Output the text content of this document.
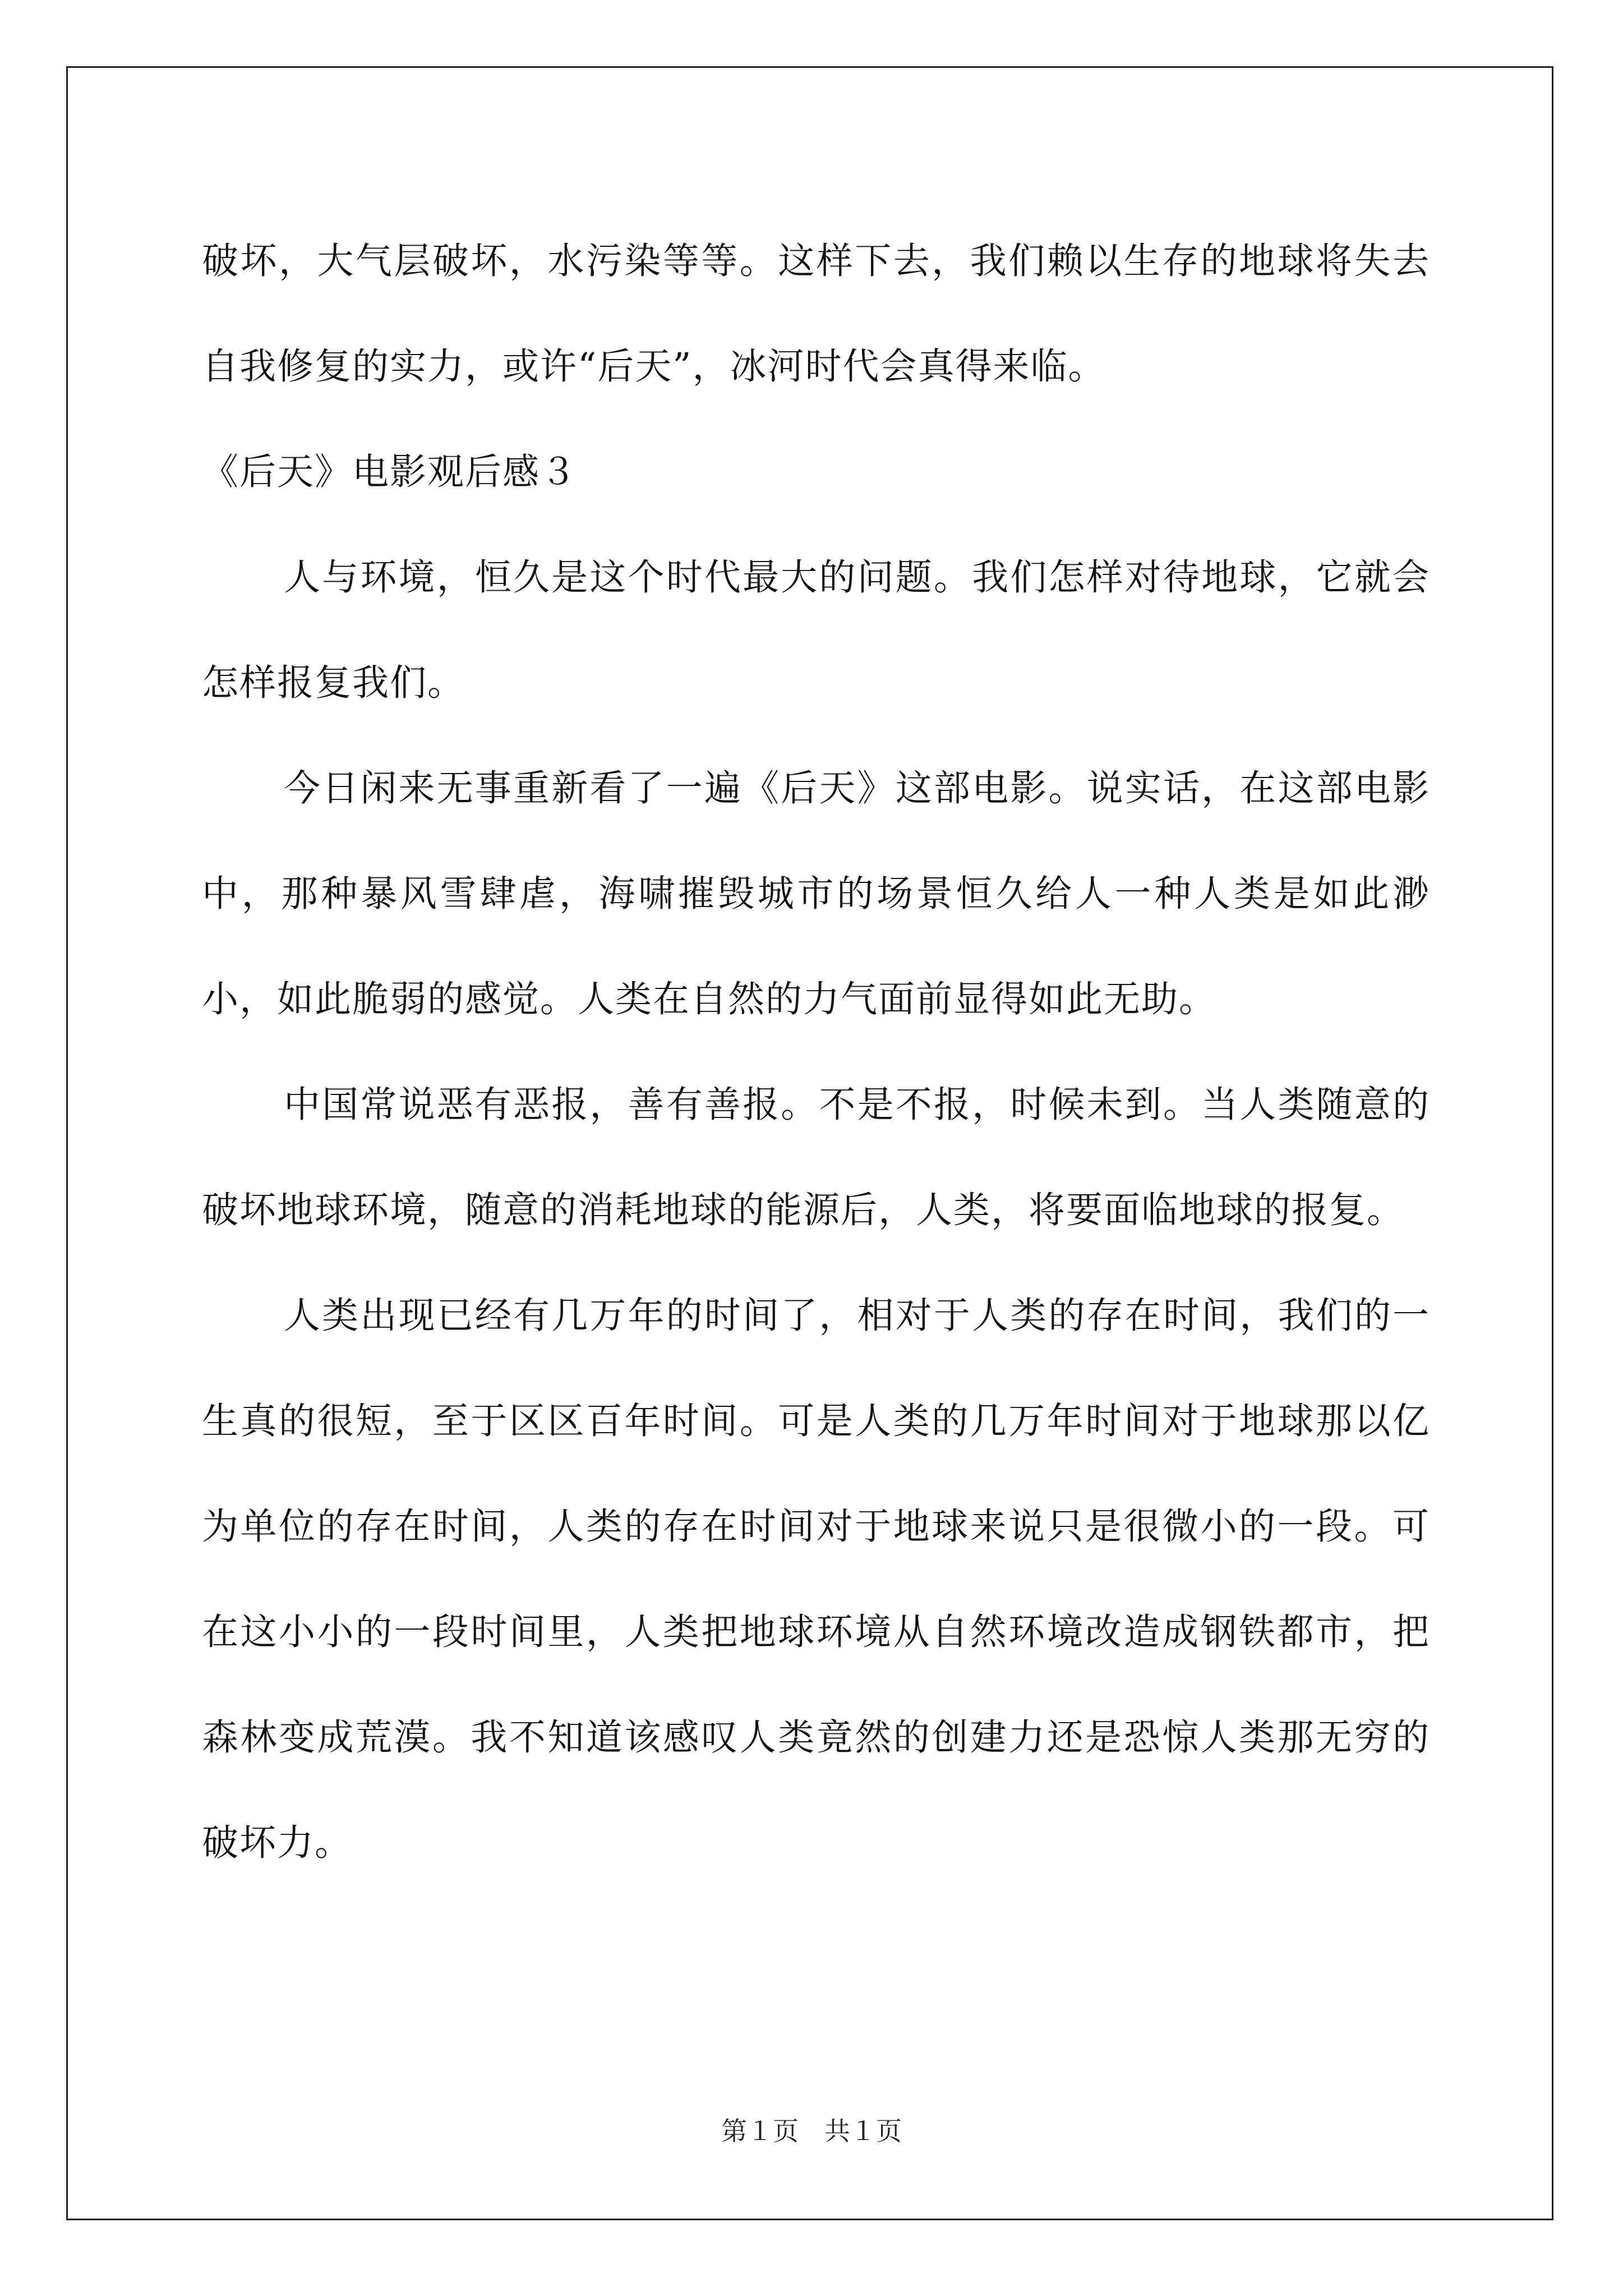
破坏，大气层破坏，水污染等等。这样下去，我们赖以生存的地球将失去自我修复的实力，或许“后天”，冰河时代会真得来临。

《后天》电影观后感３

人与环境，恒久是这个时代最大的问题。我们怎样对待地球，它就会怎样报复我们。

今日闲来无事重新看了一遍《后天》这部电影。说实话，在这部电影中，那种暴风雪肆虐，海啸摧毁城市的场景恒久给人一种人类是如此渺小，如此脆弱的感觉。人类在自然的力气面前显得如此无助。

中国常说恶有恶报，善有善报。不是不报，时候未到。当人类随意的破坏地球环境，随意的消耗地球的能源后，人类，将要面临地球的报复。

人类出现已经有几万年的时间了，相对于人类的存在时间，我们的一生真的很短，至于区区百年时间。可是人类的几万年时间对于地球那以亿为单位的存在时间，人类的存在时间对于地球来说只是很微小的一段。可在这小小的一段时间里，人类把地球环境从自然环境改造成钢铁都市，把森林变成荒漠。我不知道该感叹人类竟然的创建力还是恐惊人类那无穷的破坏力。

第１页　共１页
